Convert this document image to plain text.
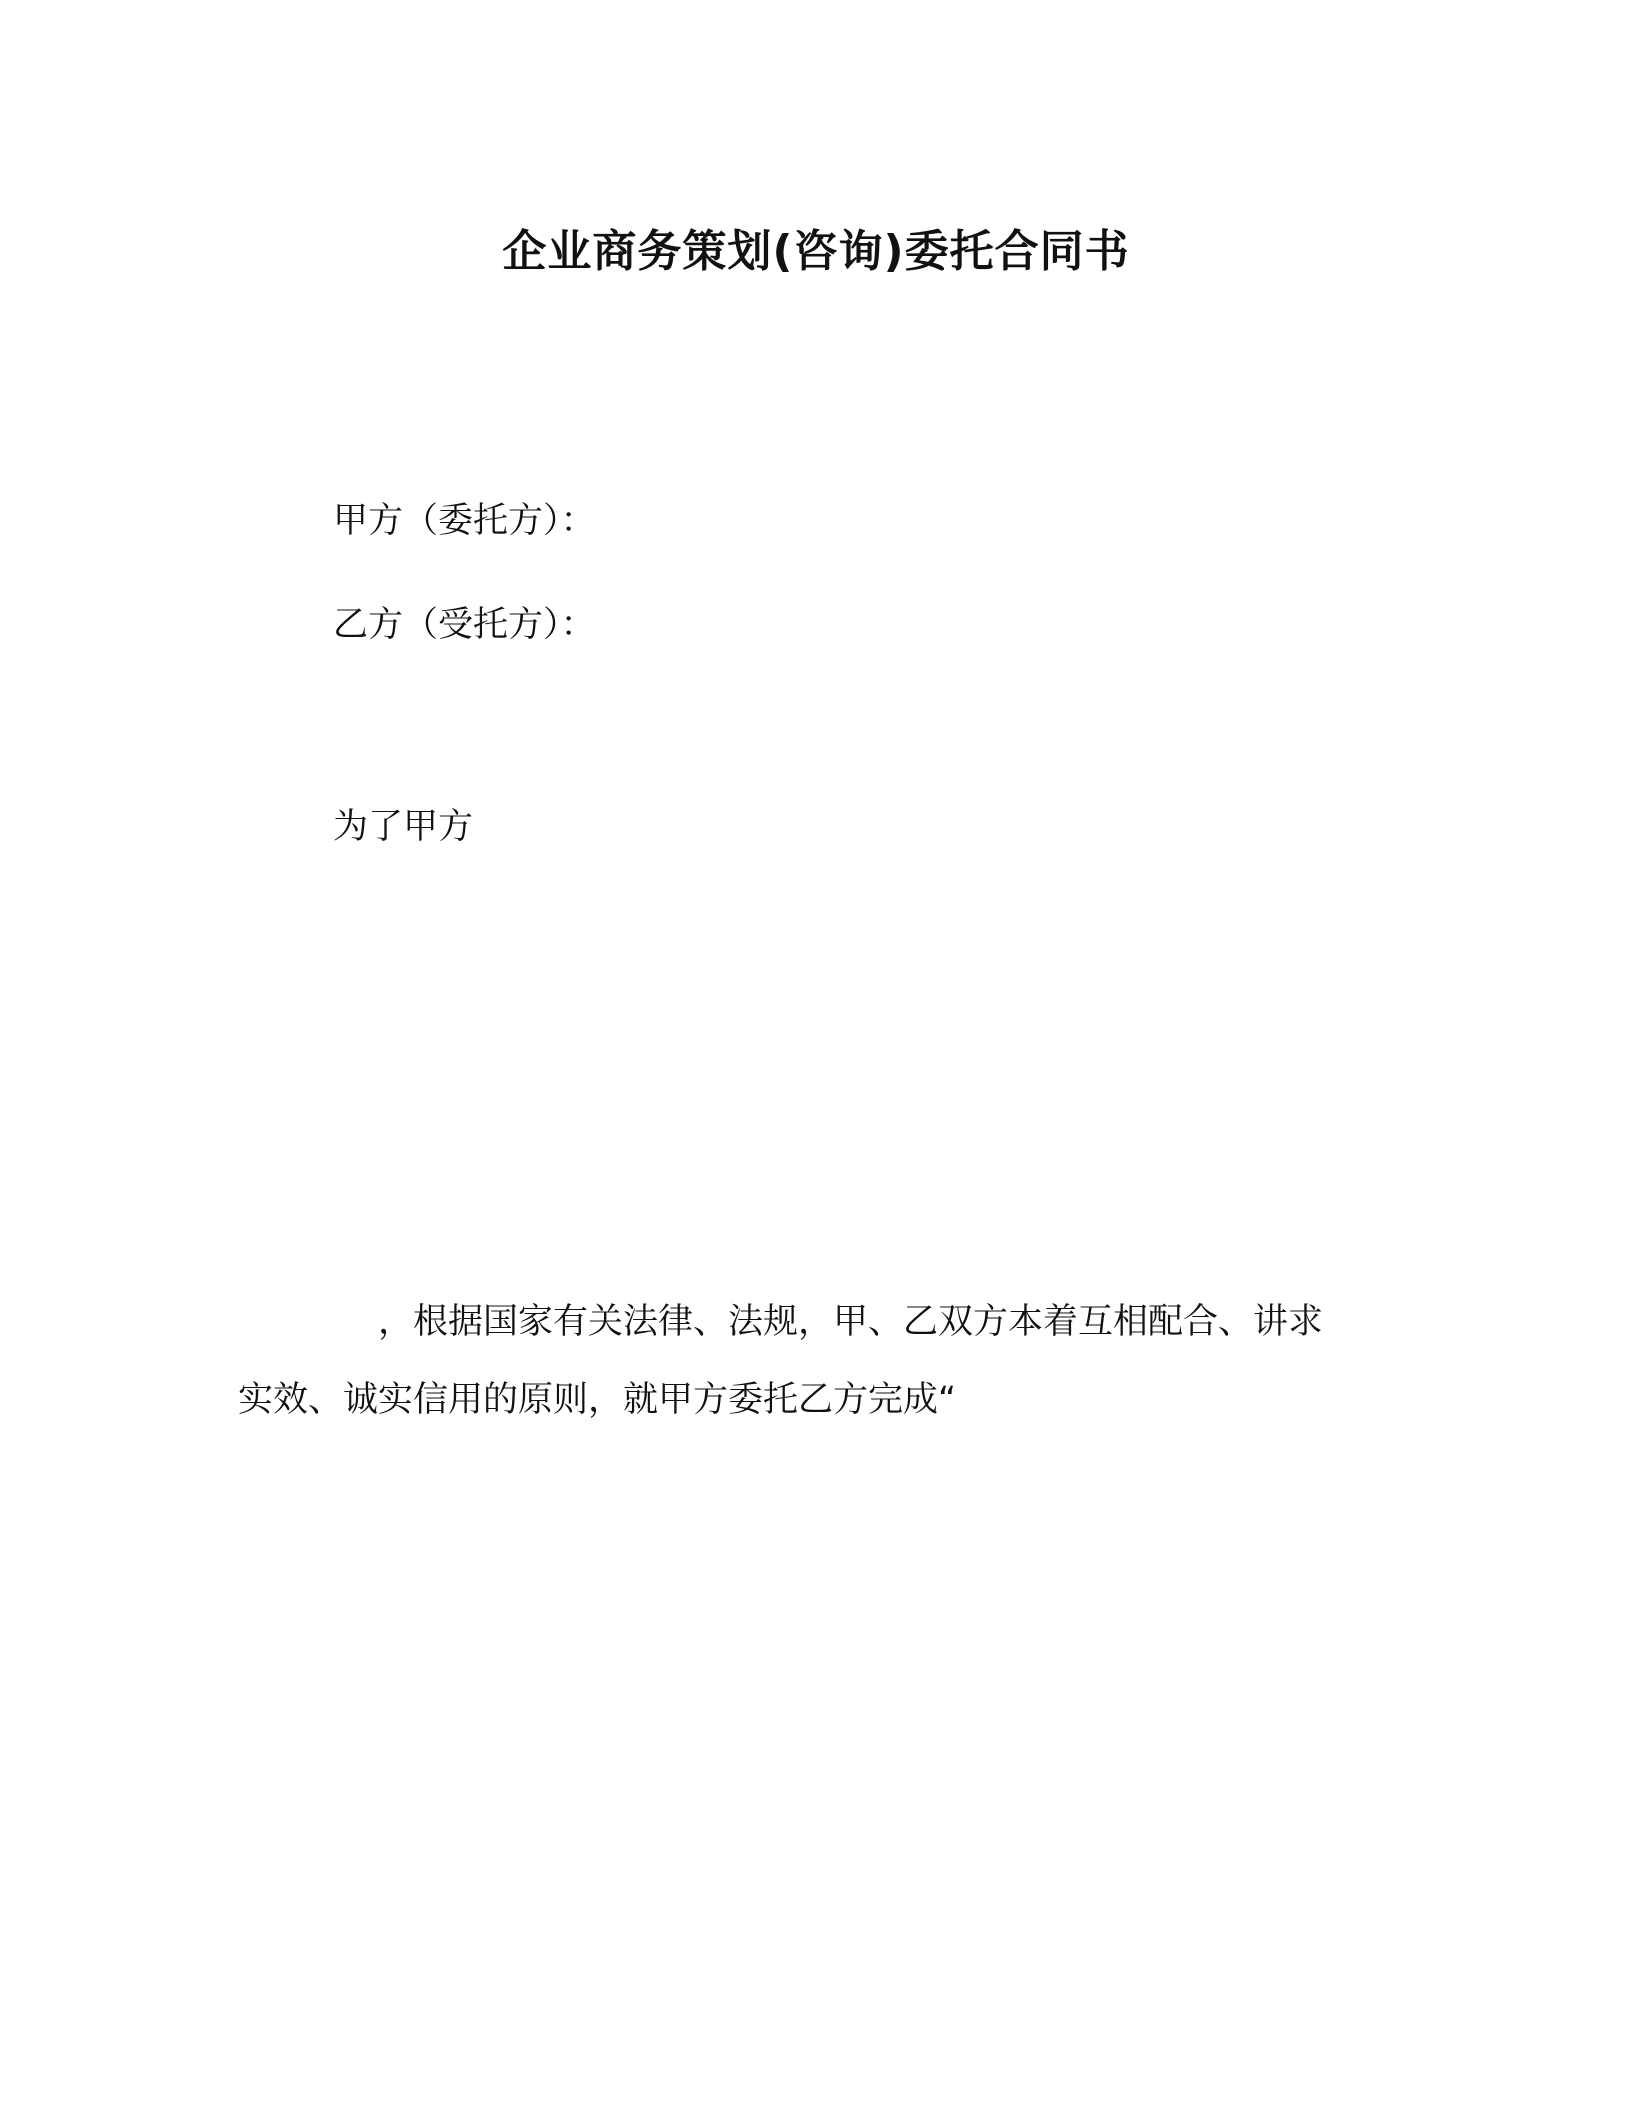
企业商务策划(咨询)委托合同书
甲方（委托方）：
乙方（受托方）：
为了甲方
，根据国家有关法律、法规，甲、乙双方本着互相配合、讲求
实效、诚实信用的原则，就甲方委托乙方完成“
